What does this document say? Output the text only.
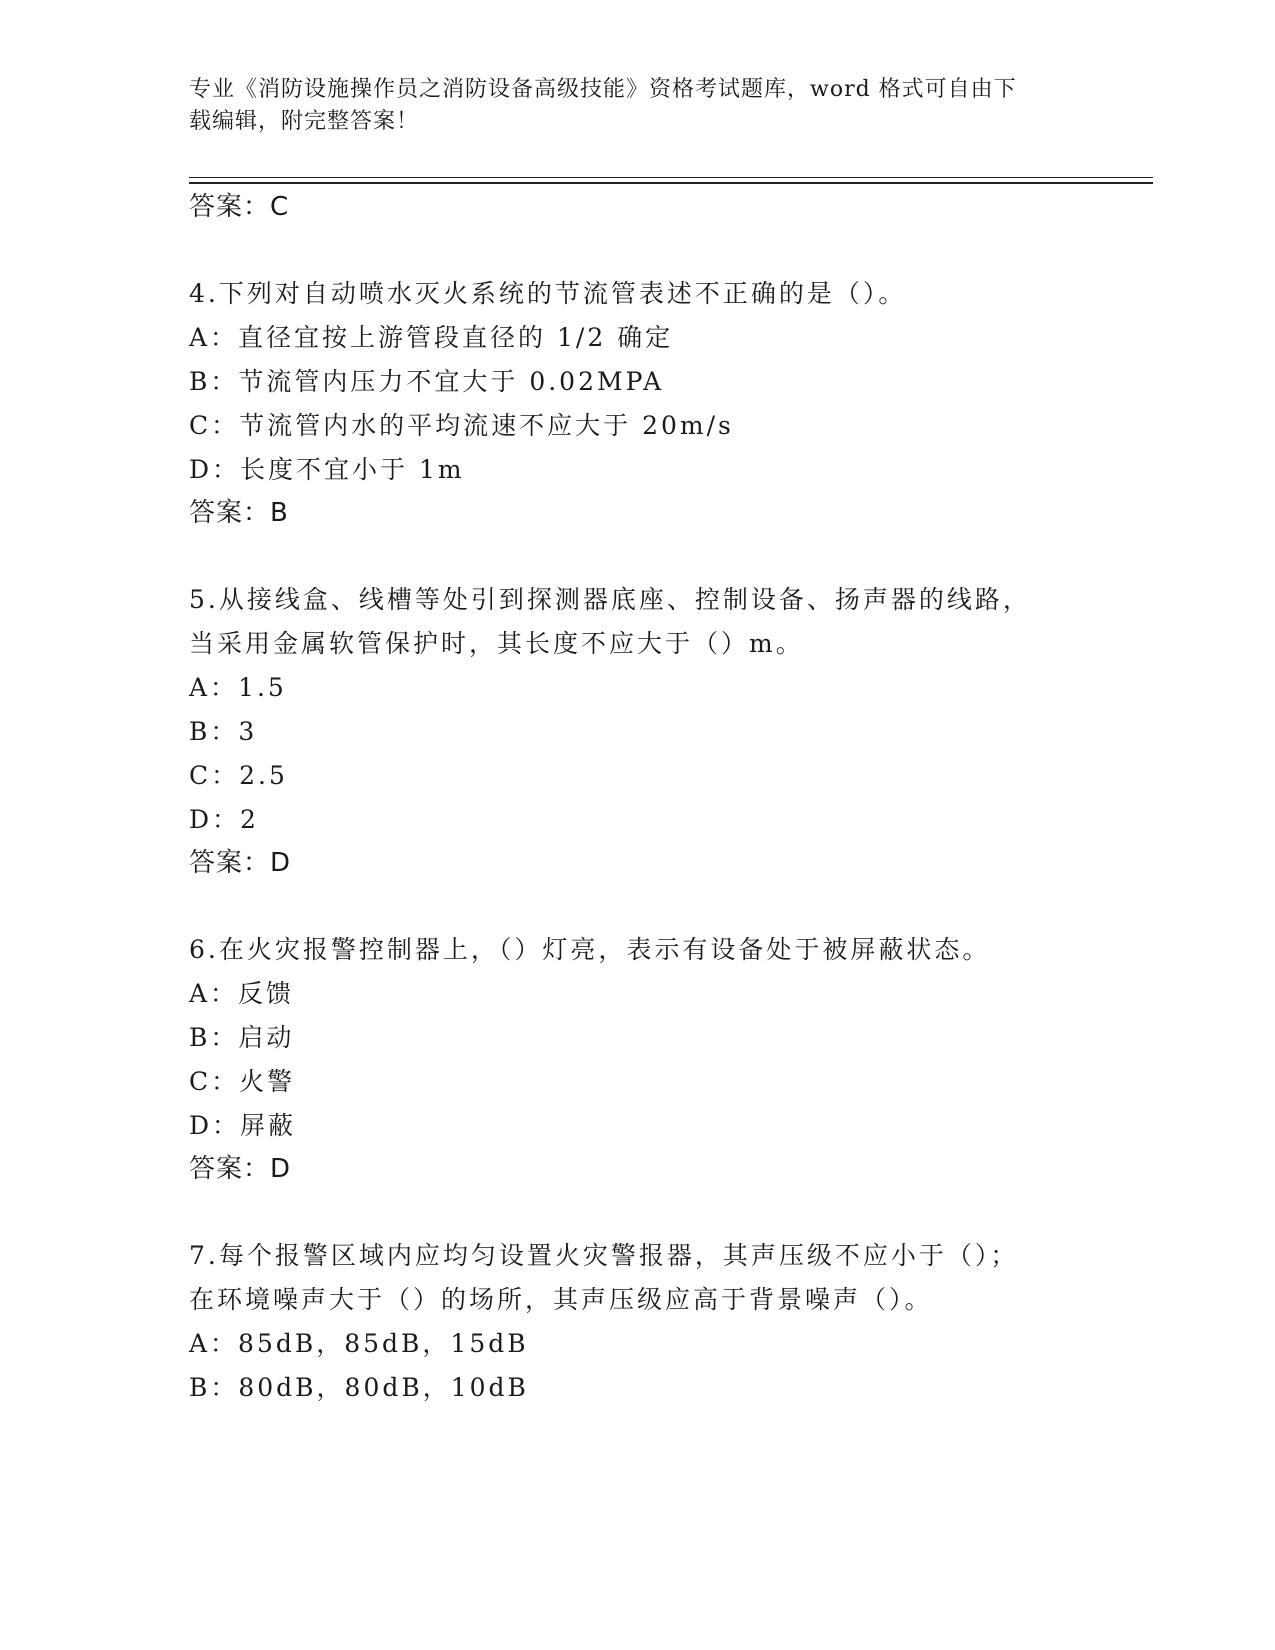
专业《消防设施操作员之消防设备高级技能》资格考试题库，word 格式可自由下
载编辑，附完整答案！
答案：C
4.下列对自动喷水灭火系统的节流管表述不正确的是（）。
A：直径宜按上游管段直径的 1/2 确定
B：节流管内压力不宜大于 0.02MPA
C：节流管内水的平均流速不应大于 20m/s
D：长度不宜小于 1m
答案：B
5.从接线盒、线槽等处引到探测器底座、控制设备、扬声器的线路，
当采用金属软管保护时，其长度不应大于（）m。
A：1.5
B：3
C：2.5
D：2
答案：D
6.在火灾报警控制器上，（）灯亮，表示有设备处于被屏蔽状态。
A：反馈
B：启动
C：火警
D：屏蔽
答案：D
7.每个报警区域内应均匀设置火灾警报器，其声压级不应小于（）；
在环境噪声大于（）的场所，其声压级应高于背景噪声（）。
A：85dB，85dB，15dB
B：80dB，80dB，10dB
